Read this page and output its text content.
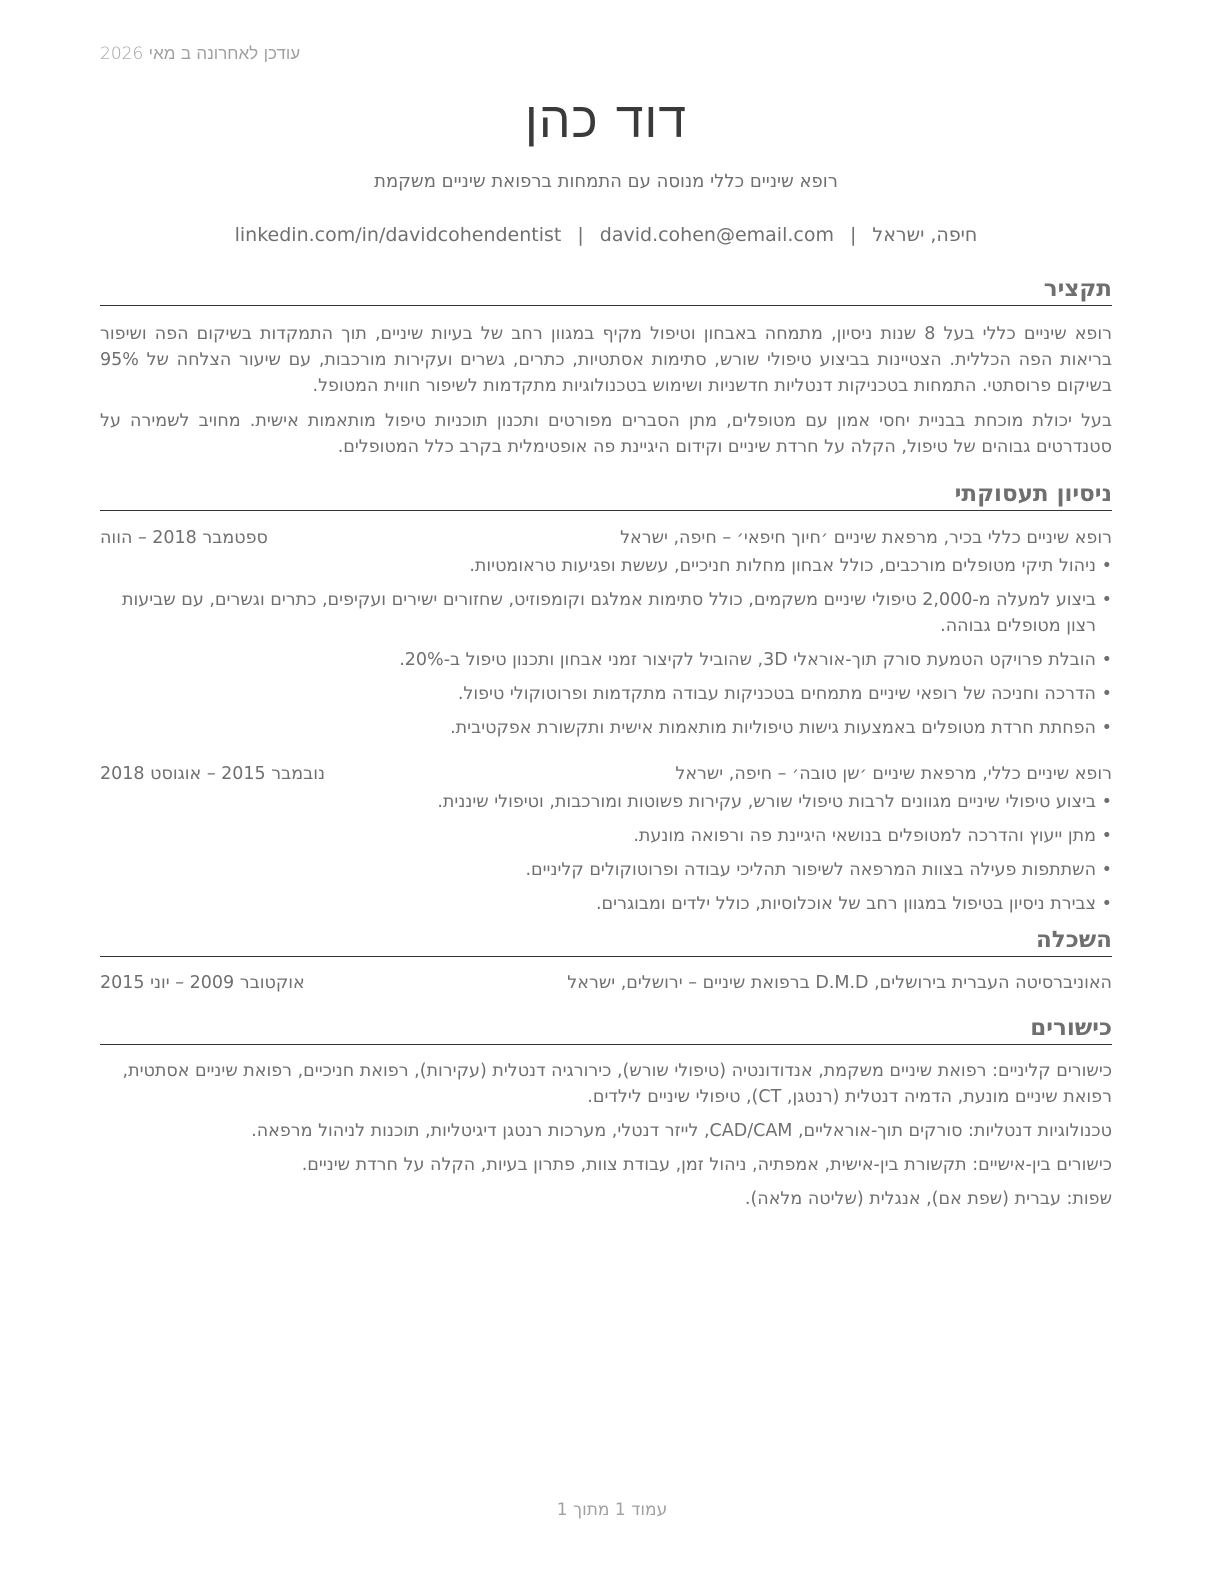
עודכן לאחרונה ב מאי 2026
דוד כהן
רופא שיניים כללי מנוסה עם התמחות ברפואת שיניים משקמת
חיפה, ישראל|david.cohen@email.com|linkedin.com/in/davidcohendentist
תקציר

רופא שיניים כללי בעל 8 שנות ניסיון, מתמחה באבחון וטיפול מקיף במגוון רחב של בעיות שיניים, תוך התמקדות בשיקום הפה ושיפור בריאות הפה הכללית. הצטיינות בביצוע טיפולי שורש, סתימות אסתטיות, כתרים, גשרים ועקירות מורכבות, עם שיעור הצלחה של 95% בשיקום פרוסתטי. התמחות בטכניקות דנטליות חדשניות ושימוש בטכנולוגיות מתקדמות לשיפור חווית המטופל.

בעל יכולת מוכחת בבניית יחסי אמון עם מטופלים, מתן הסברים מפורטים ותכנון תוכניות טיפול מותאמות אישית. מחויב לשמירה על סטנדרטים גבוהים של טיפול, הקלה על חרדת שיניים וקידום היגיינת פה אופטימלית בקרב כלל המטופלים.

ניסיון תעסוקתי
רופא שיניים כללי בכיר, מרפאת שיניים ׳חיוך חיפאי׳ – חיפה, ישראל
ספטמבר 2018 – הווה
• ניהול תיקי מטופלים מורכבים, כולל אבחון מחלות חניכיים, עששת ופגיעות טראומטיות.
• ביצוע למעלה מ-2,000 טיפולי שיניים משקמים, כולל סתימות אמלגם וקומפוזיט, שחזורים ישירים ועקיפים, כתרים וגשרים, עם שביעות רצון מטופלים גבוהה.
• הובלת פרויקט הטמעת סורק תוך-אוראלי 3D, שהוביל לקיצור זמני אבחון ותכנון טיפול ב-20%.
• הדרכה וחניכה של רופאי שיניים מתמחים בטכניקות עבודה מתקדמות ופרוטוקולי טיפול.
• הפחתת חרדת מטופלים באמצעות גישות טיפוליות מותאמות אישית ותקשורת אפקטיבית.
רופא שיניים כללי, מרפאת שיניים ׳שן טובה׳ – חיפה, ישראל
נובמבר 2015 – אוגוסט 2018
• ביצוע טיפולי שיניים מגוונים לרבות טיפולי שורש, עקירות פשוטות ומורכבות, וטיפולי שיננית.
• מתן ייעוץ והדרכה למטופלים בנושאי היגיינת פה ורפואה מונעת.
• השתתפות פעילה בצוות המרפאה לשיפור תהליכי עבודה ופרוטוקולים קליניים.
• צבירת ניסיון בטיפול במגוון רחב של אוכלוסיות, כולל ילדים ומבוגרים.
השכלה
האוניברסיטה העברית בירושלים, D.M.D ברפואת שיניים – ירושלים, ישראל
אוקטובר 2009 – יוני 2015
כישורים

כישורים קליניים: רפואת שיניים משקמת, אנדודונטיה (טיפולי שורש), כירורגיה דנטלית (עקירות), רפואת חניכיים, רפואת שיניים אסתטית, רפואת שיניים מונעת, הדמיה דנטלית (רנטגן, CT), טיפולי שיניים לילדים.

טכנולוגיות דנטליות: סורקים תוך-אוראליים, CAD/CAM, לייזר דנטלי, מערכות רנטגן דיגיטליות, תוכנות לניהול מרפאה.

כישורים בין-אישיים: תקשורת בין-אישית, אמפתיה, ניהול זמן, עבודת צוות, פתרון בעיות, הקלה על חרדת שיניים.

שפות: עברית (שפת אם), אנגלית (שליטה מלאה).

עמוד 1 מתוך 1
